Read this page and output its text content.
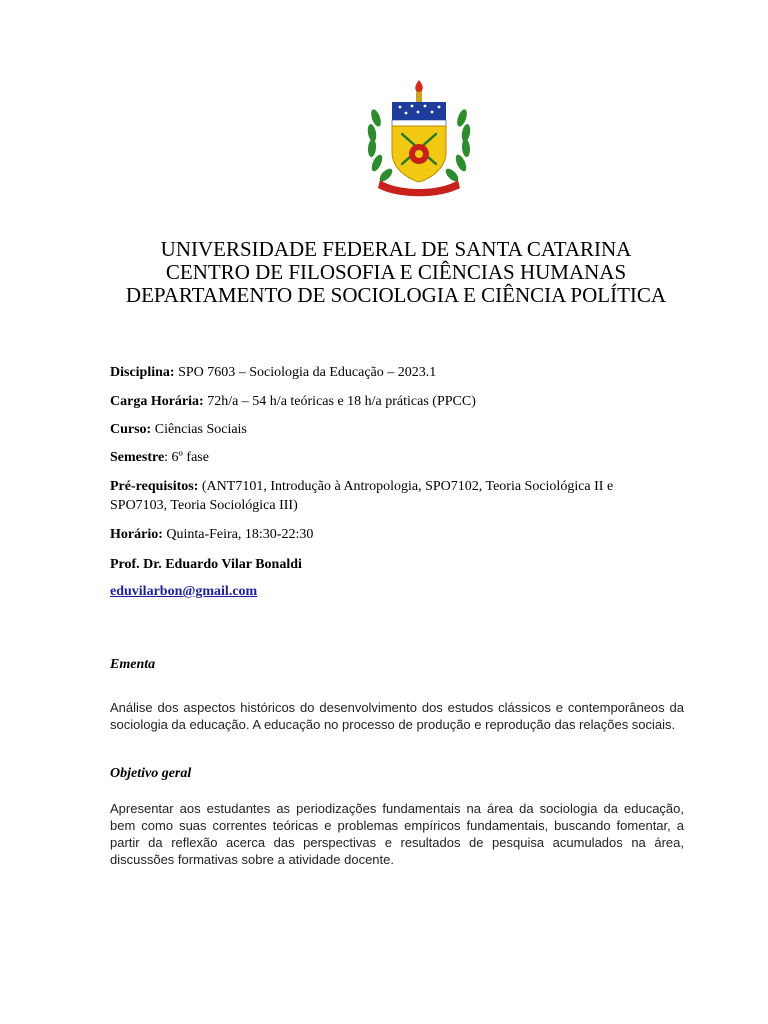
UNIVERSIDADE FEDERAL DE SANTA CATARINA
CENTRO DE FILOSOFIA E CIÊNCIAS HUMANAS
DEPARTAMENTO DE SOCIOLOGIA E CIÊNCIA POLÍTICA
Disciplina: SPO 7603 – Sociologia da Educação – 2023.1
Carga Horária: 72h/a – 54 h/a teóricas e 18 h/a práticas (PPCC)
Curso: Ciências Sociais
Semestre: 6º fase
Pré-requisitos: (ANT7101, Introdução à Antropologia, SPO7102, Teoria Sociológica II e SPO7103, Teoria Sociológica III)
Horário: Quinta-Feira, 18:30-22:30
Prof. Dr. Eduardo Vilar Bonaldi
eduvilarbon@gmail.com
Ementa
Análise dos aspectos históricos do desenvolvimento dos estudos clássicos e contemporâneos da sociologia da educação. A educação no processo de produção e reprodução das relações sociais.
Objetivo geral
Apresentar aos estudantes as periodizações fundamentais na área da sociologia da educação, bem como suas correntes teóricas e problemas empíricos fundamentais, buscando fomentar, a partir da reflexão acerca das perspectivas e resultados de pesquisa acumulados na área, discussões formativas sobre a atividade docente.
